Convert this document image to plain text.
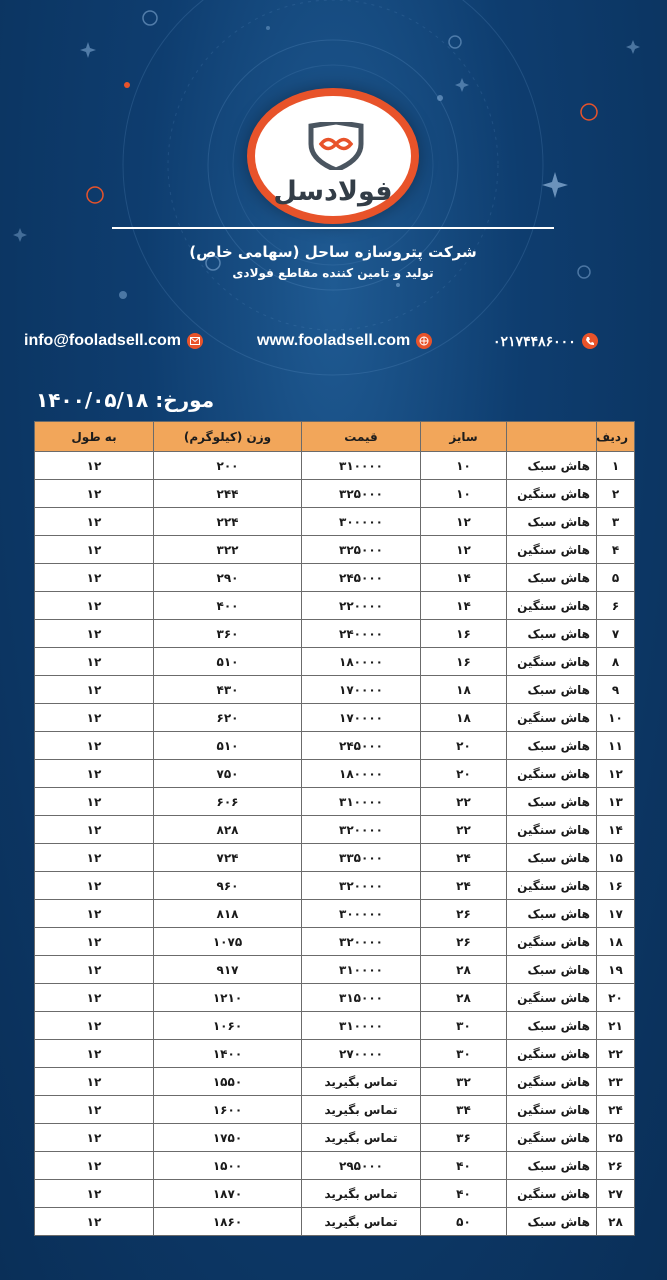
فولادسل
شرکت پتروسازه ساحل (سهامی خاص)
تولید و تامین کننده مقاطع فولادی
info@fooladsell.com	www.fooladsell.com	۰۲۱۷۴۴۸۶۰۰۰
مورخ: ۱۴۰۰/۰۵/۱۸
ردیف		سایز	قیمت	وزن (کیلوگرم)	به طول
۱	هاش سبک	۱۰	۳۱۰۰۰۰	۲۰۰	۱۲
۲	هاش سنگین	۱۰	۳۲۵۰۰۰	۲۴۴	۱۲
۳	هاش سبک	۱۲	۳۰۰۰۰۰	۲۲۴	۱۲
۴	هاش سنگین	۱۲	۳۲۵۰۰۰	۳۲۲	۱۲
۵	هاش سبک	۱۴	۲۴۵۰۰۰	۲۹۰	۱۲
۶	هاش سنگین	۱۴	۲۲۰۰۰۰	۴۰۰	۱۲
۷	هاش سبک	۱۶	۲۴۰۰۰۰	۳۶۰	۱۲
۸	هاش سنگین	۱۶	۱۸۰۰۰۰	۵۱۰	۱۲
۹	هاش سبک	۱۸	۱۷۰۰۰۰	۴۳۰	۱۲
۱۰	هاش سنگین	۱۸	۱۷۰۰۰۰	۶۲۰	۱۲
۱۱	هاش سبک	۲۰	۲۴۵۰۰۰	۵۱۰	۱۲
۱۲	هاش سنگین	۲۰	۱۸۰۰۰۰	۷۵۰	۱۲
۱۳	هاش سبک	۲۲	۳۱۰۰۰۰	۶۰۶	۱۲
۱۴	هاش سنگین	۲۲	۳۲۰۰۰۰	۸۲۸	۱۲
۱۵	هاش سبک	۲۴	۳۳۵۰۰۰	۷۲۴	۱۲
۱۶	هاش سنگین	۲۴	۳۲۰۰۰۰	۹۶۰	۱۲
۱۷	هاش سبک	۲۶	۳۰۰۰۰۰	۸۱۸	۱۲
۱۸	هاش سنگین	۲۶	۳۲۰۰۰۰	۱۰۷۵	۱۲
۱۹	هاش سبک	۲۸	۳۱۰۰۰۰	۹۱۷	۱۲
۲۰	هاش سنگین	۲۸	۳۱۵۰۰۰	۱۲۱۰	۱۲
۲۱	هاش سبک	۳۰	۳۱۰۰۰۰	۱۰۶۰	۱۲
۲۲	هاش سنگین	۳۰	۲۷۰۰۰۰	۱۴۰۰	۱۲
۲۳	هاش سنگین	۳۲	تماس بگیرید	۱۵۵۰	۱۲
۲۴	هاش سنگین	۳۴	تماس بگیرید	۱۶۰۰	۱۲
۲۵	هاش سنگین	۳۶	تماس بگیرید	۱۷۵۰	۱۲
۲۶	هاش سبک	۴۰	۲۹۵۰۰۰	۱۵۰۰	۱۲
۲۷	هاش سنگین	۴۰	تماس بگیرید	۱۸۷۰	۱۲
۲۸	هاش سبک	۵۰	تماس بگیرید	۱۸۶۰	۱۲
